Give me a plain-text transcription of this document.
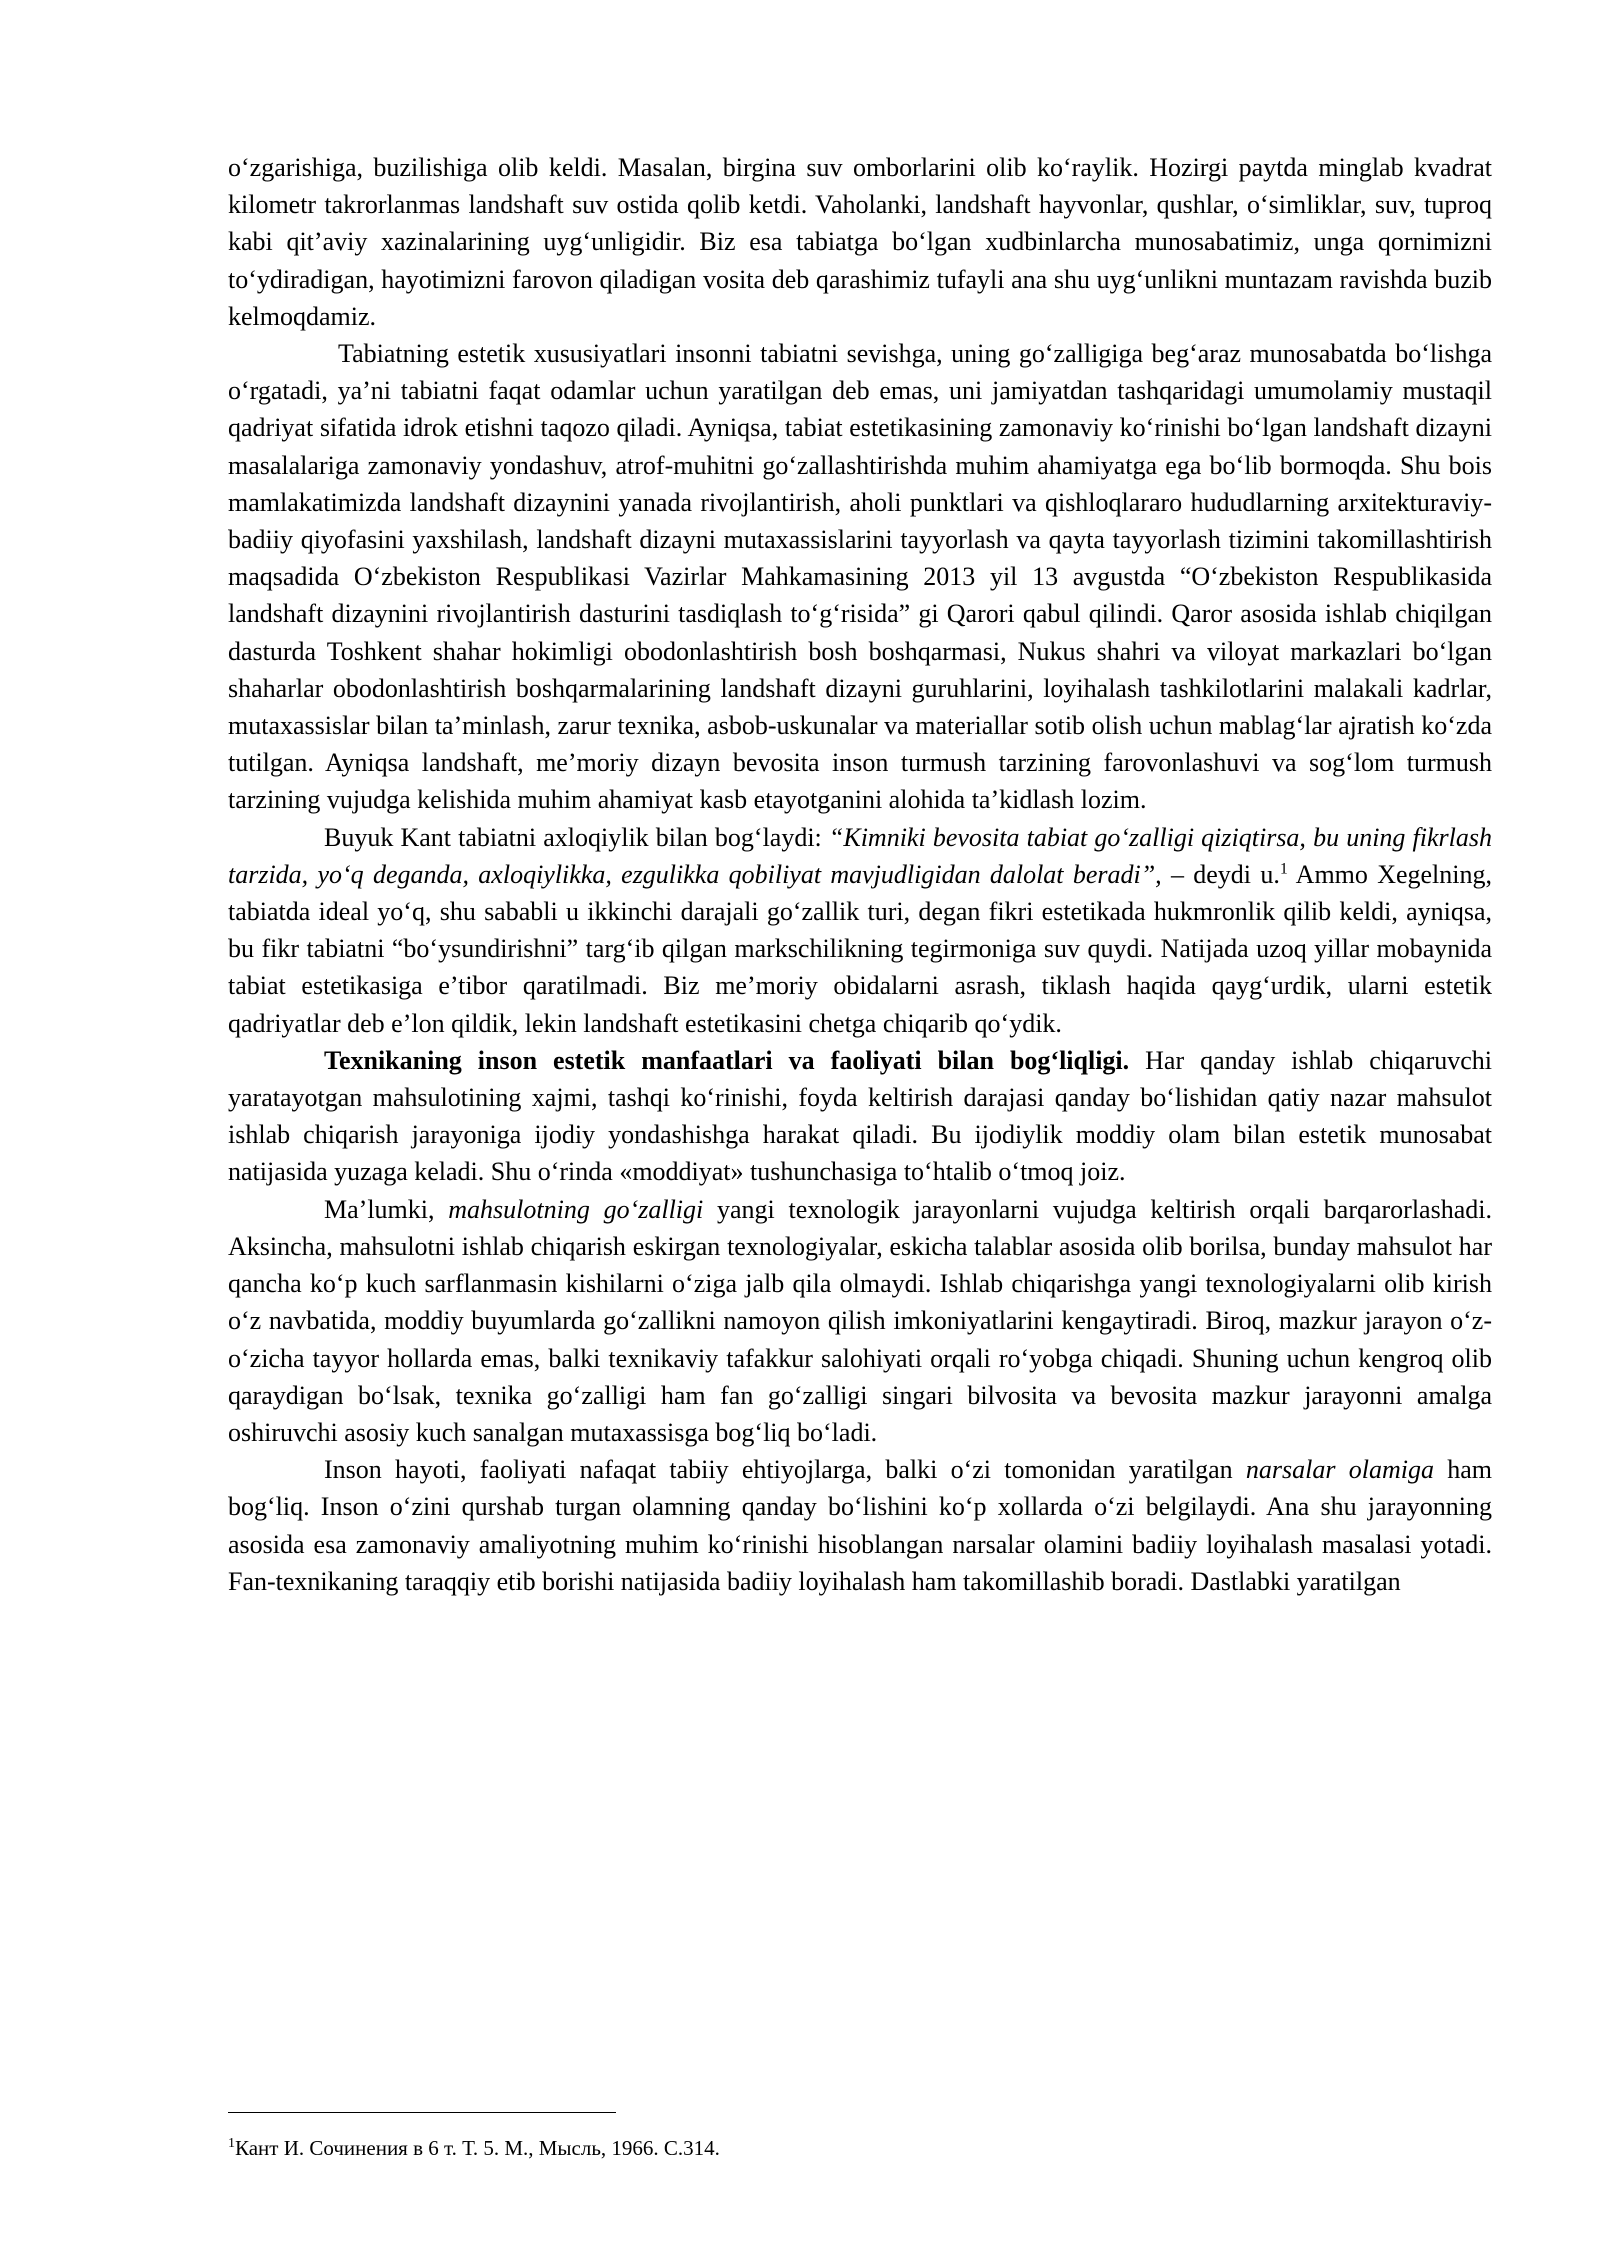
o‘zgarishiga, buzilishiga olib keldi. Masalan, birgina suv omborlarini olib ko‘raylik. Hozirgi paytda minglab kvadrat kilometr takrorlanmas landshaft suv ostida qolib ketdi. Vaholanki, landshaft hayvonlar, qushlar, o‘simliklar, suv, tuproq kabi qit’aviy xazinalarining uyg‘unligidir. Biz esa tabiatga bo‘lgan xudbinlarcha munosabatimiz, unga qornimizni to‘ydiradigan, hayotimizni farovon qiladigan vosita deb qarashimiz tufayli ana shu uyg‘unlikni muntazam ravishda buzib kelmoqdamiz.

Tabiatning estetik xususiyatlari insonni tabiatni sevishga, uning go‘zalligiga beg‘araz munosabatda bo‘lishga o‘rgatadi, ya’ni tabiatni faqat odamlar uchun yaratilgan deb emas, uni jamiyatdan tashqaridagi umumolamiy mustaqil qadriyat sifatida idrok etishni taqozo qiladi. Ayniqsa, tabiat estetikasining zamonaviy ko‘rinishi bo‘lgan landshaft dizayni masalalariga zamonaviy yondashuv, atrof-muhitni go‘zallashtirishda muhim ahamiyatga ega bo‘lib bormoqda. Shu bois mamlakatimizda landshaft dizaynini yanada rivojlantirish, aholi punktlari va qishloqlararo hududlarning arxitekturaviy-badiiy qiyofasini yaxshilash, landshaft dizayni mutaxassislarini tayyorlash va qayta tayyorlash tizimini takomillashtirish maqsadida O‘zbekiston Respublikasi Vazirlar Mahkamasining 2013 yil 13 avgustda “O‘zbekiston Respublikasida landshaft dizaynini rivojlantirish dasturini tasdiqlash to‘g‘risida” gi Qarori qabul qilindi. Qaror asosida ishlab chiqilgan dasturda Toshkent shahar hokimligi obodonlashtirish bosh boshqarmasi, Nukus shahri va viloyat markazlari bo‘lgan shaharlar obodonlashtirish boshqarmalarining landshaft dizayni guruhlarini, loyihalash tashkilotlarini malakali kadrlar, mutaxassislar bilan ta’minlash, zarur texnika, asbob-uskunalar va materiallar sotib olish uchun mablag‘lar ajratish ko‘zda tutilgan. Ayniqsa landshaft, me’moriy dizayn bevosita inson turmush tarzining farovonlashuvi va sog‘lom turmush tarzining vujudga kelishida muhim ahamiyat kasb etayotganini alohida ta’kidlash lozim.

Buyuk Kant tabiatni axloqiylik bilan bog‘laydi: “Kimniki bevosita tabiat go‘zalligi qiziqtirsa, bu uning fikrlash tarzida, yo‘q deganda, axloqiylikka, ezgulikka qobiliyat mavjudligidan dalolat beradi”, – deydi u.$^1$ Ammo Xegelning, tabiatda ideal yo‘q, shu sababli u ikkinchi darajali go‘zallik turi, degan fikri estetikada hukmronlik qilib keldi, ayniqsa, bu fikr tabiatni “bo‘ysundirishni” targ‘ib qilgan markschilikning tegirmoniga suv quydi. Natijada uzoq yillar mobaynida tabiat estetikasiga e’tibor qaratilmadi. Biz me’moriy obidalarni asrash, tiklash haqida qayg‘urdik, ularni estetik qadriyatlar deb e’lon qildik, lekin landshaft estetikasini chetga chiqarib qo‘ydik.

Texnikaning inson estetik manfaatlari va faoliyati bilan bog‘liqligi. Har qanday ishlab chiqaruvchi yaratayotgan mahsulotining xajmi, tashqi ko‘rinishi, foyda keltirish darajasi qanday bo‘lishidan qatiy nazar mahsulot ishlab chiqarish jarayoniga ijodiy yondashishga harakat qiladi. Bu ijodiylik moddiy olam bilan estetik munosabat natijasida yuzaga keladi. Shu o‘rinda «moddiyat» tushunchasiga to‘htalib o‘tmoq joiz.

Ma’lumki, mahsulotning go‘zalligi yangi texnologik jarayonlarni vujudga keltirish orqali barqarorlashadi. Aksincha, mahsulotni ishlab chiqarish eskirgan texnologiyalar, eskicha talablar asosida olib borilsa, bunday mahsulot har qancha ko‘p kuch sarflanmasin kishilarni o‘ziga jalb qila olmaydi. Ishlab chiqarishga yangi texnologiyalarni olib kirish o‘z navbatida, moddiy buyumlarda go‘zallikni namoyon qilish imkoniyatlarini kengaytiradi. Biroq, mazkur jarayon o‘z-o‘zicha tayyor hollarda emas, balki texnikaviy tafakkur salohiyati orqali ro‘yobga chiqadi. Shuning uchun kengroq olib qaraydigan bo‘lsak, texnika go‘zalligi ham fan go‘zalligi singari bilvosita va bevosita mazkur jarayonni amalga oshiruvchi asosiy kuch sanalgan mutaxassisga bog‘liq bo‘ladi.

Inson hayoti, faoliyati nafaqat tabiiy ehtiyojlarga, balki o‘zi tomonidan yaratilgan narsalar olamiga ham bog‘liq. Inson o‘zini qurshab turgan olamning qanday bo‘lishini ko‘p xollarda o‘zi belgilaydi. Ana shu jarayonning asosida esa zamonaviy amaliyotning muhim ko‘rinishi hisoblangan narsalar olamini badiiy loyihalash masalasi yotadi. Fan-texnikaning taraqqiy etib borishi natijasida badiiy loyihalash ham takomillashib boradi. Dastlabki yaratilgan

$^1$Кант И. Сочинения в 6 т. Т. 5. М., Мысль, 1966. С.314.
